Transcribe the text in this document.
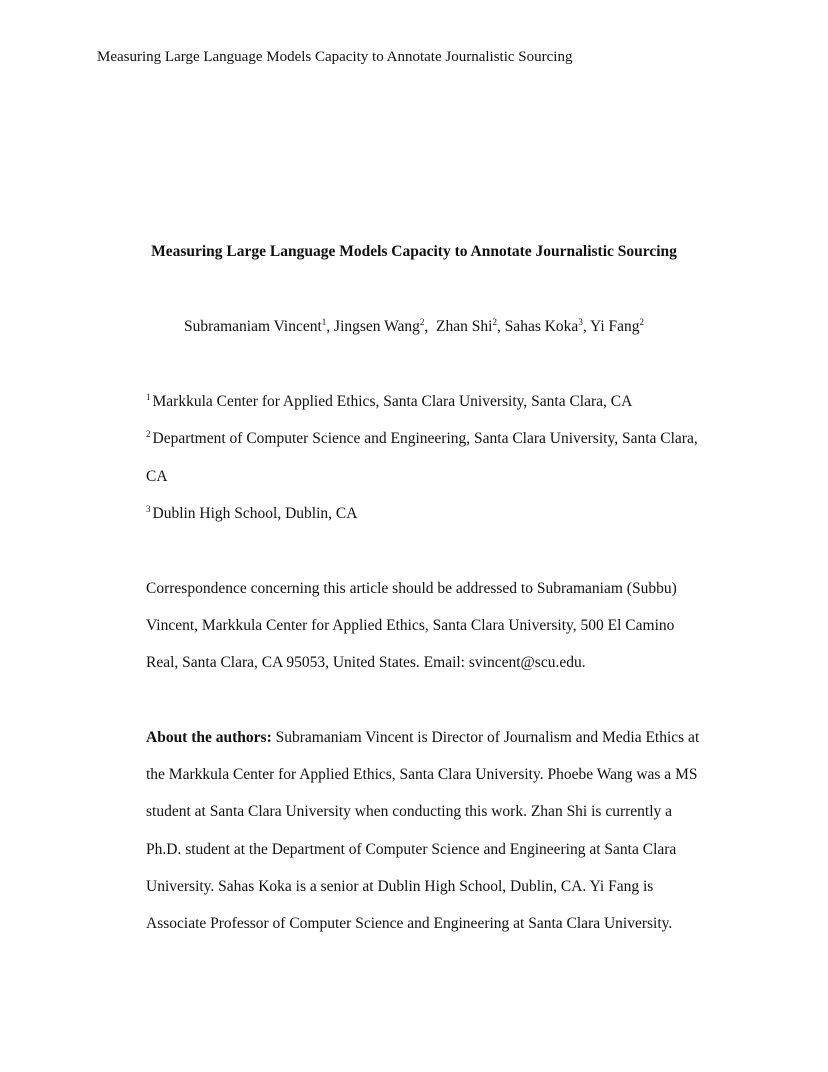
Measuring Large Language Models Capacity to Annotate Journalistic Sourcing
Measuring Large Language Models Capacity to Annotate Journalistic Sourcing
Subramaniam Vincent$^1$, Jingsen Wang$^2$,  Zhan Shi$^2$, Sahas Koka$^3$, Yi Fang$^2$
$^1$ Markkula Center for Applied Ethics, Santa Clara University, Santa Clara, CA
$^2$ Department of Computer Science and Engineering, Santa Clara University, Santa Clara,
CA
$^3$ Dublin High School, Dublin, CA
Correspondence concerning this article should be addressed to Subramaniam (Subbu)
Vincent, Markkula Center for Applied Ethics, Santa Clara University, 500 El Camino
Real, Santa Clara, CA 95053, United States. Email: svincent@scu.edu.
About the authors: Subramaniam Vincent is Director of Journalism and Media Ethics at
the Markkula Center for Applied Ethics, Santa Clara University. Phoebe Wang was a MS
student at Santa Clara University when conducting this work. Zhan Shi is currently a
Ph.D. student at the Department of Computer Science and Engineering at Santa Clara
University. Sahas Koka is a senior at Dublin High School, Dublin, CA. Yi Fang is
Associate Professor of Computer Science and Engineering at Santa Clara University.
